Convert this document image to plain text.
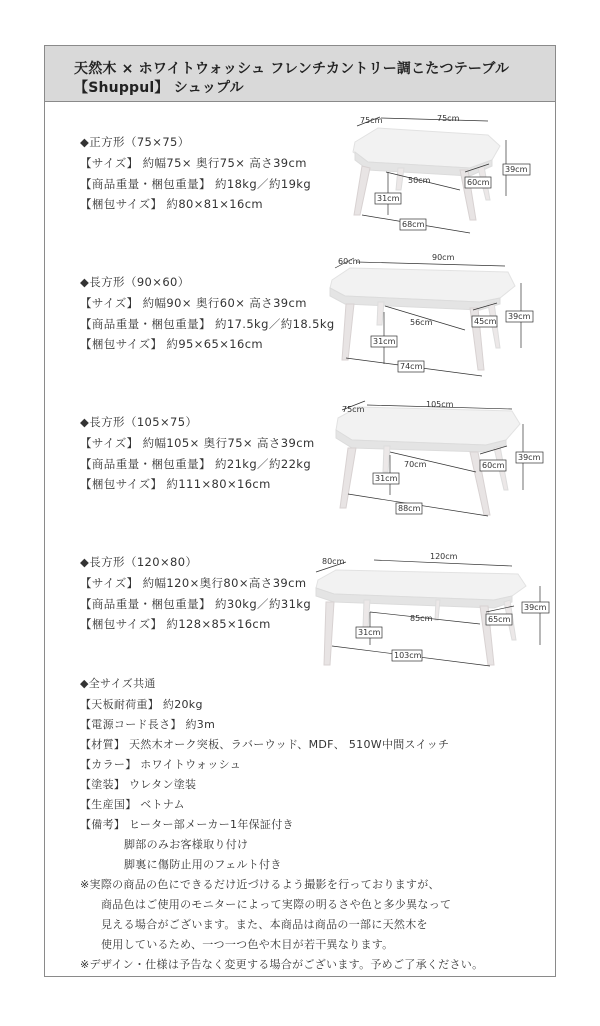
天然木 × ホワイトウォッシュ フレンチカントリー調こたつテーブル
【Shuppul】 シュップル
◆正方形（75×75）
【サイズ】 約幅75× 奥行75× 高さ39cm
【商品重量・梱包重量】 約18kg／約19kg
【梱包サイズ】 約80×81×16cm
◆長方形（90×60）
【サイズ】 約幅90× 奥行60× 高さ39cm
【商品重量・梱包重量】 約17.5kg／約18.5kg
【梱包サイズ】 約95×65×16cm
◆長方形（105×75）
【サイズ】 約幅105× 奥行75× 高さ39cm
【商品重量・梱包重量】 約21kg／約22kg
【梱包サイズ】 約111×80×16cm
◆長方形（120×80）
【サイズ】 約幅120×奥行80×高さ39cm
【商品重量・梱包重量】 約30kg／約31kg
【梱包サイズ】 約128×85×16cm
75cm	75cm
39cm
50cm	60cm
31cm
68cm
60cm	90cm
39cm
56cm	45cm
31cm
74cm
75cm
105cm
39cm
70cm	60cm
31cm
88cm
80cm
120cm
39cm
85cm	65cm
31cm
103cm
◆全サイズ共通
【天板耐荷重】 約20kg
【電源コード長さ】 約3m
【材質】 天然木オーク突板、ラバーウッド、MDF、 510W中間スイッチ
【カラー】 ホワイトウォッシュ
【塗装】 ウレタン塗装
【生産国】 ベトナム
【備考】 ヒーター部メーカー1年保証付き
脚部のみお客様取り付け
脚裏に傷防止用のフェルト付き
※実際の商品の色にできるだけ近づけるよう撮影を行っておりますが、
商品色はご使用のモニターによって実際の明るさや色と多少異なって
見える場合がございます。また、本商品は商品の一部に天然木を
使用しているため、一つ一つ色や木目が若干異なります。
※デザイン・仕様は予告なく変更する場合がございます。予めご了承ください。
